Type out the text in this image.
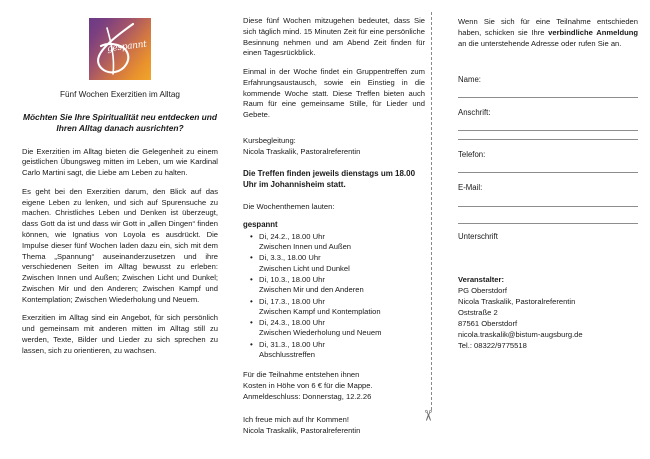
gespannt
Fünf Wochen Exerzitien im Alltag
Möchten Sie Ihre Spiritualität neu entdecken und Ihren Alltag danach ausrichten?

Die Exerzitien im Alltag bieten die Gelegenheit zu einem geistlichen Übungsweg mitten im Leben, um wie Kardinal Carlo Martini sagt, die Liebe am Leben zu halten.

Es geht bei den Exerzitien darum, den Blick auf das eigene Leben zu lenken, und sich auf Spurensuche zu machen. Christliches Leben und Denken ist überzeugt, dass Gott da ist und dass wir Gott in „allen Dingen“ finden können, wie Ignatius von Loyola es ausdrückt. Die Impulse dieser fünf Wochen laden dazu ein, sich mit dem Thema „Spannung“ auseinanderzusetzen und ihre verschiedenen Seiten im Alltag bewusst zu erleben: Zwischen Innen und Außen; Zwischen Licht und Dunkel; Zwischen Mir und den Anderen; Zwischen Kampf und Kontemplation; Zwischen Wiederholung und Neuem.

Exerzitien im Alltag sind ein Angebot, für sich persönlich und gemeinsam mit anderen mitten im Alltag still zu werden, Texte, Bilder und Lieder zu sich sprechen zu lassen, sich zu orientieren, zu wachsen.

Diese fünf Wochen mitzugehen bedeutet, dass Sie sich täglich mind. 15 Minuten Zeit für eine persönliche Besinnung nehmen und am Abend Zeit finden für einen Tagesrückblick.

Einmal in der Woche findet ein Gruppentreffen zum Erfahrungsaustausch, sowie ein Einstieg in die kommende Woche statt. Diese Treffen bieten auch Raum für eine gemeinsame Stille, für Lieder und Gebete.

Kursbegleitung:

Nicola Traskalik, Pastoralreferentin

Die Treffen finden jeweils dienstags um 18.00 Uhr im Johannisheim statt.

Die Wochenthemen lauten:

gespannt
• Di, 24.2., 18.00 Uhr
Zwischen Innen und Außen
• Di, 3.3., 18.00 Uhr
Zwischen Licht und Dunkel
• Di, 10.3., 18.00 Uhr
Zwischen Mir und den Anderen
• Di, 17.3., 18.00 Uhr
Zwischen Kampf und Kontemplation
• Di, 24.3., 18.00 Uhr
Zwischen Wiederholung und Neuem
• Di, 31.3., 18.00 Uhr
Abschlusstreffen

Für die Teilnahme entstehen ihnen

Kosten in Höhe von 6 € für die Mappe.

Anmeldeschluss: Donnerstag, 12.2.26

Ich freue mich auf Ihr Kommen!

Nicola Traskalik, Pastoralreferentin

✂

Wenn Sie sich für eine Teilnahme entschieden haben, schicken sie Ihre verbindliche Anmeldung an die unterstehende Adresse oder rufen Sie an.

Name:
Anschrift:
Telefon:
E-Mail:
Unterschrift
Veranstalter:
PG Oberstdorf
Nicola Traskalik, Pastoralreferentin
Oststraße 2
87561 Oberstdorf
nicola.traskalik@bistum-augsburg.de
Tel.: 08322/9775518
